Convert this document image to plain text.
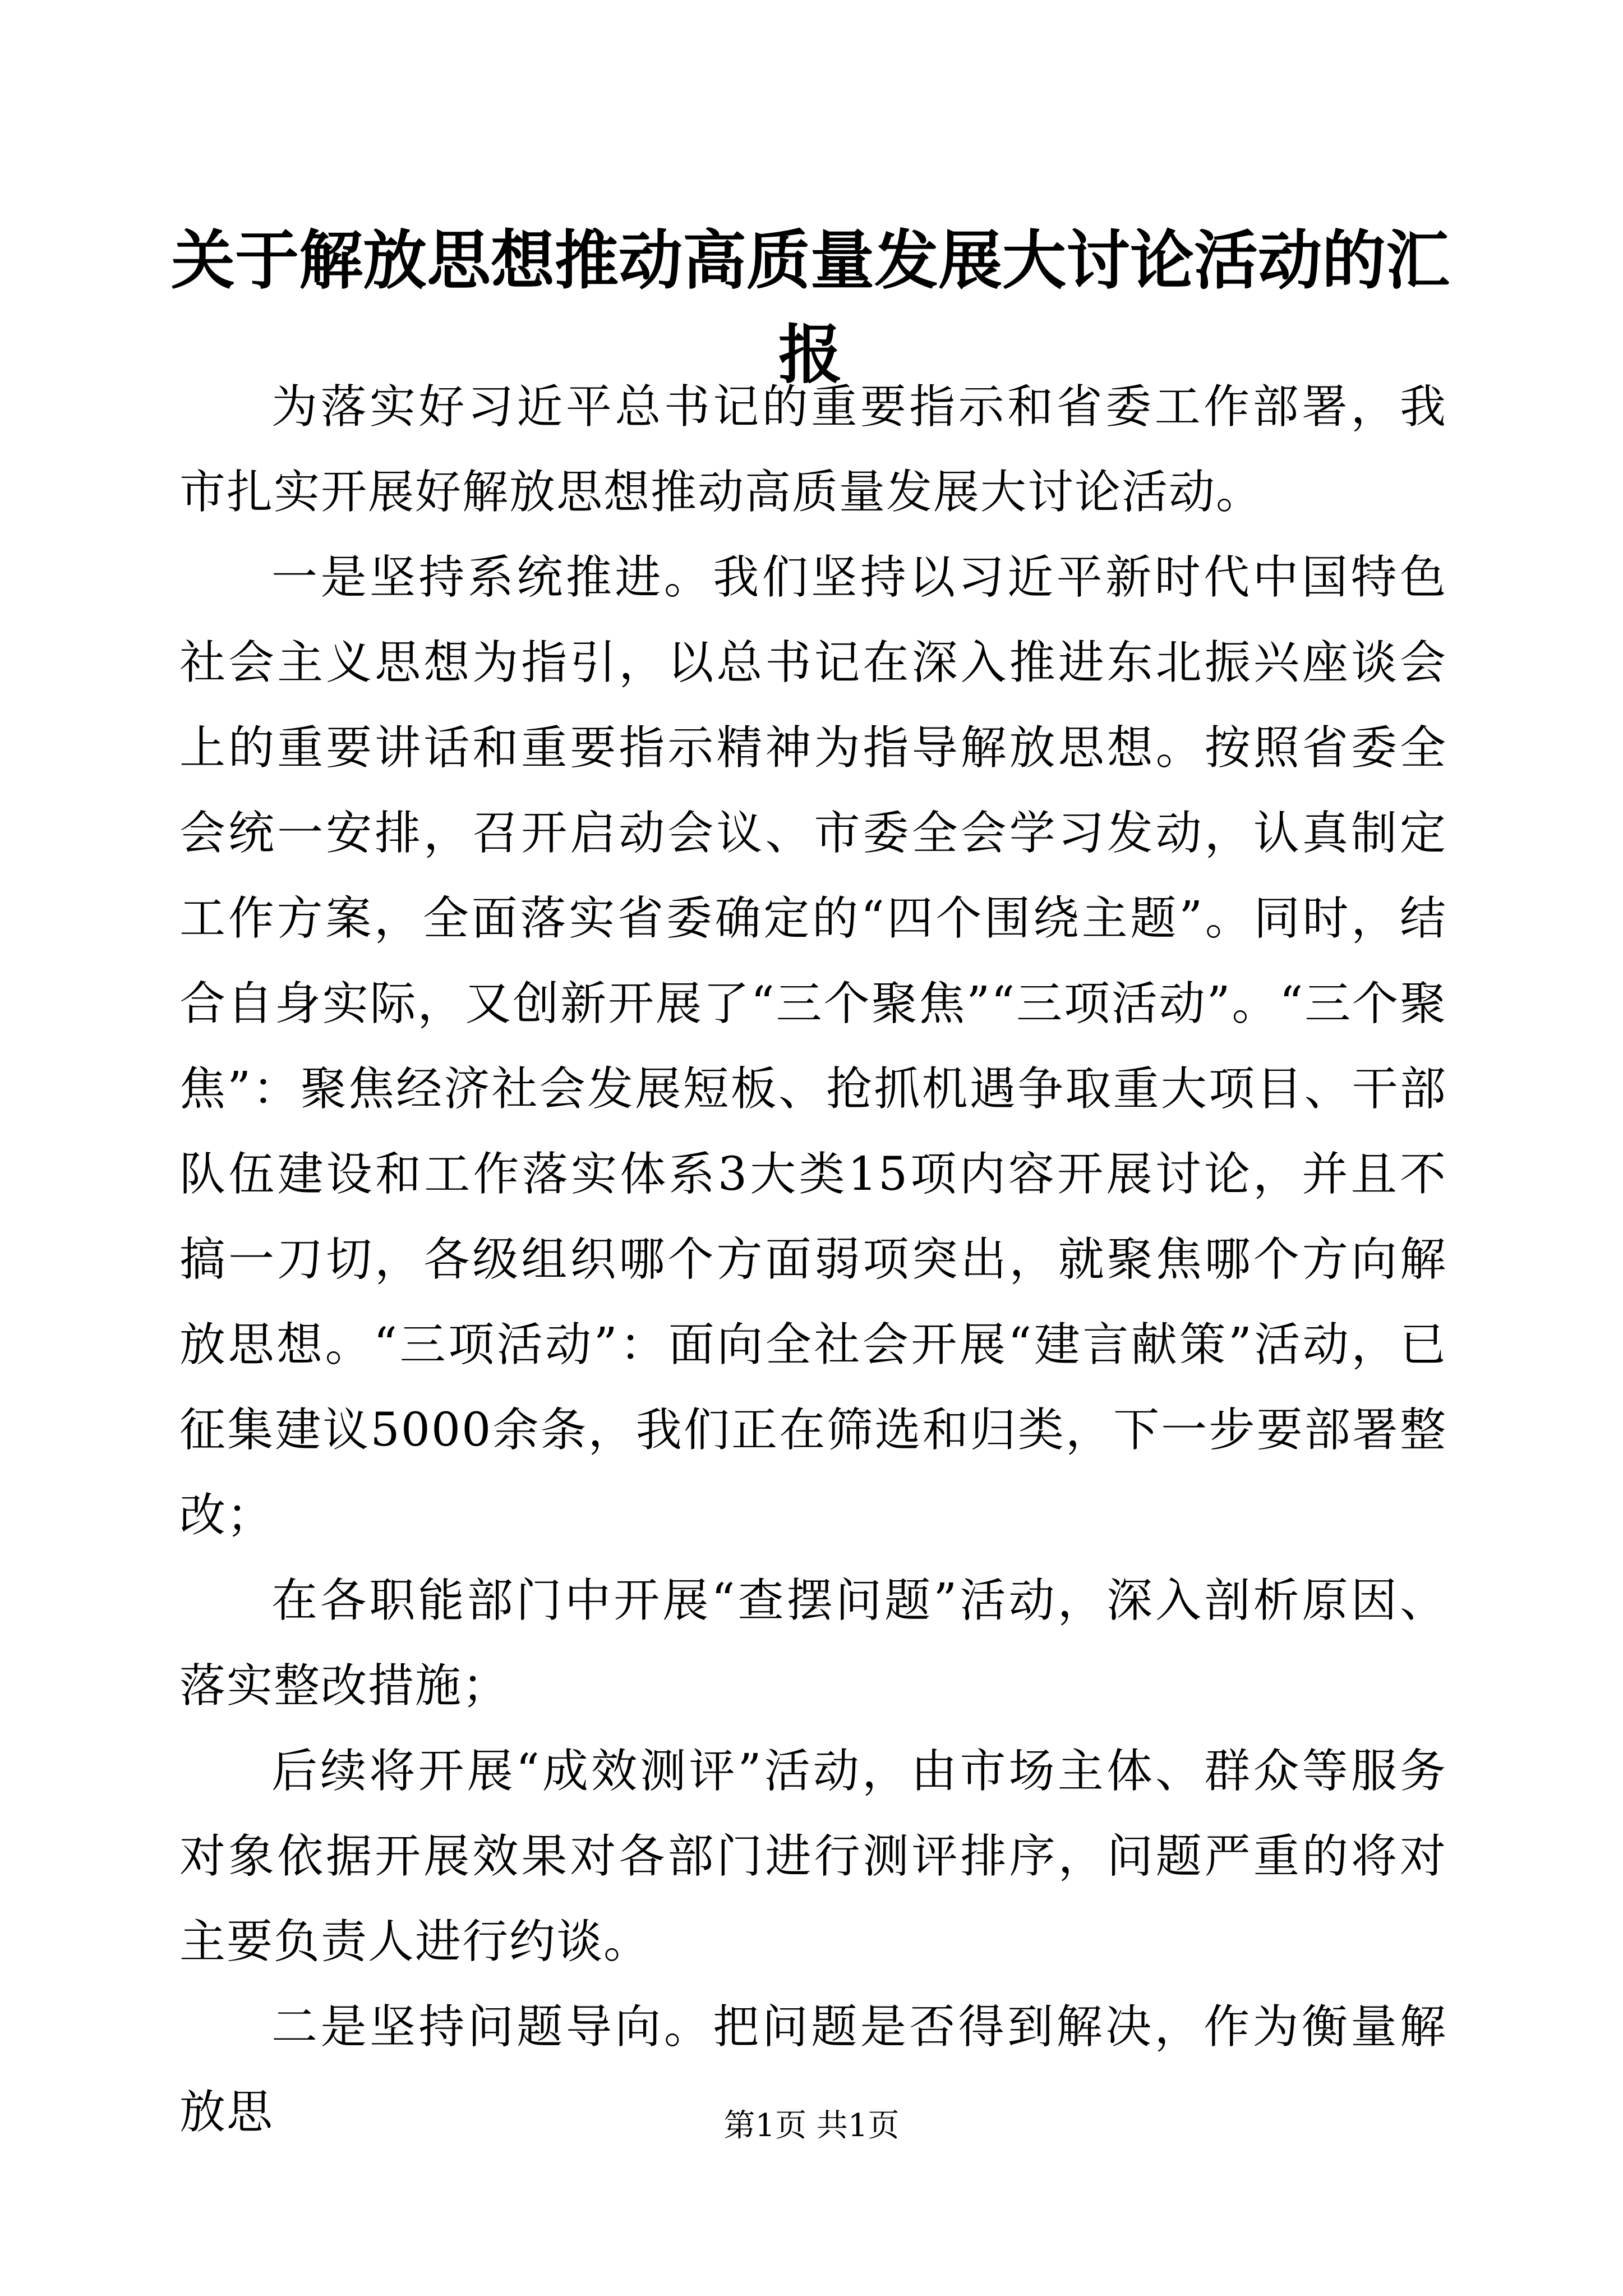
关于解放思想推动高质量发展大讨论活动的汇报

为落实好习近平总书记的重要指示和省委工作部署，我市扎实开展好解放思想推动高质量发展大讨论活动。

一是坚持系统推进。我们坚持以习近平新时代中国特色社会主义思想为指引，以总书记在深入推进东北振兴座谈会上的重要讲话和重要指示精神为指导解放思想。按照省委全会统一安排，召开启动会议、市委全会学习发动，认真制定工作方案，全面落实省委确定的“四个围绕主题”。同时，结合自身实际，又创新开展了“三个聚焦”“三项活动”。“三个聚焦”：聚焦经济社会发展短板、抢抓机遇争取重大项目、干部队伍建设和工作落实体系3大类15项内容开展讨论，并且不搞一刀切，各级组织哪个方面弱项突出，就聚焦哪个方向解放思想。“三项活动”：面向全社会开展“建言献策”活动，已征集建议5000余条，我们正在筛选和归类，下一步要部署整改；

在各职能部门中开展“查摆问题”活动，深入剖析原因、落实整改措施；

后续将开展“成效测评”活动，由市场主体、群众等服务对象依据开展效果对各部门进行测评排序，问题严重的将对主要负责人进行约谈。

二是坚持问题导向。把问题是否得到解决，作为衡量解放思	第1页 共1页
